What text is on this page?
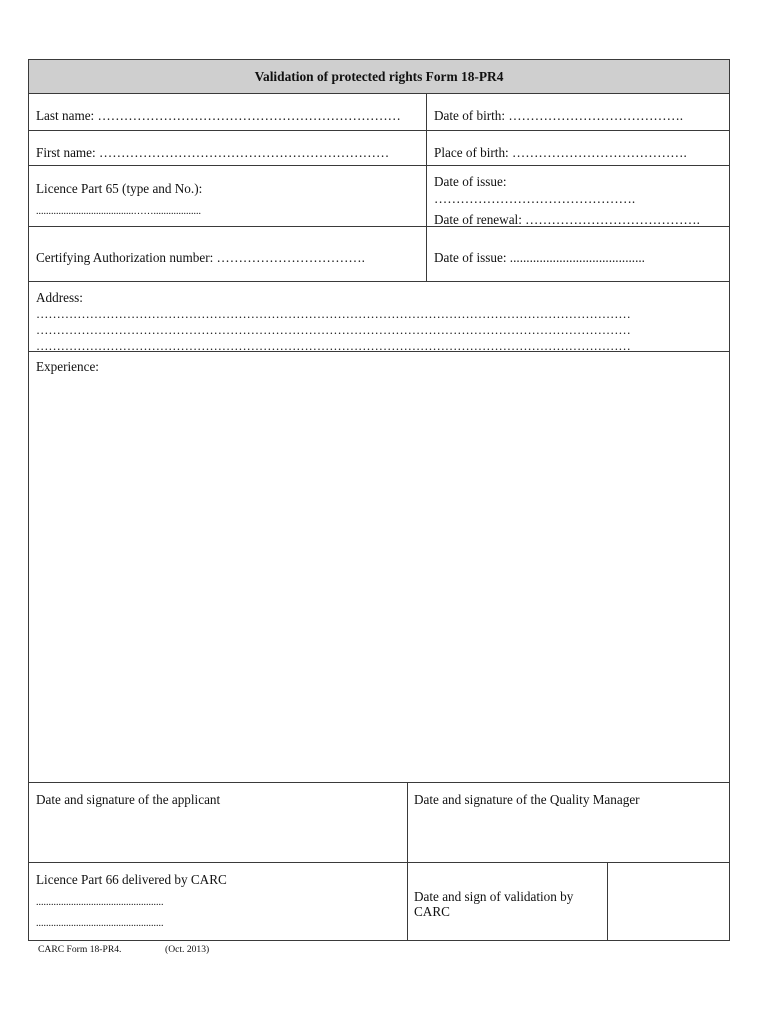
Validation of protected rights Form 18-PR4
Last name: ……………………………………………………………	Date of birth: ………………………………….
First name: …………………………………………………………	Place of birth: ………………………………….
Licence Part 65 (type and No.):
.......................................……...................
Date of issue:
……………………………………….
Date of renewal: ………………………………….
Certifying Authorization number: …………………………….	Date of issue: .........................................
Address:
………………………………………………………………………………………………………………………………
………………………………………………………………………………………………………………………………
………………………………………………………………………………………………………………………………
Experience:
Date and signature of the applicant	Date and signature of the Quality Manager
Licence Part 66 delivered by CARC
...................................................
...................................................
Date and sign of validation by
CARC
CARC Form 18-PR4.	(Oct. 2013)
